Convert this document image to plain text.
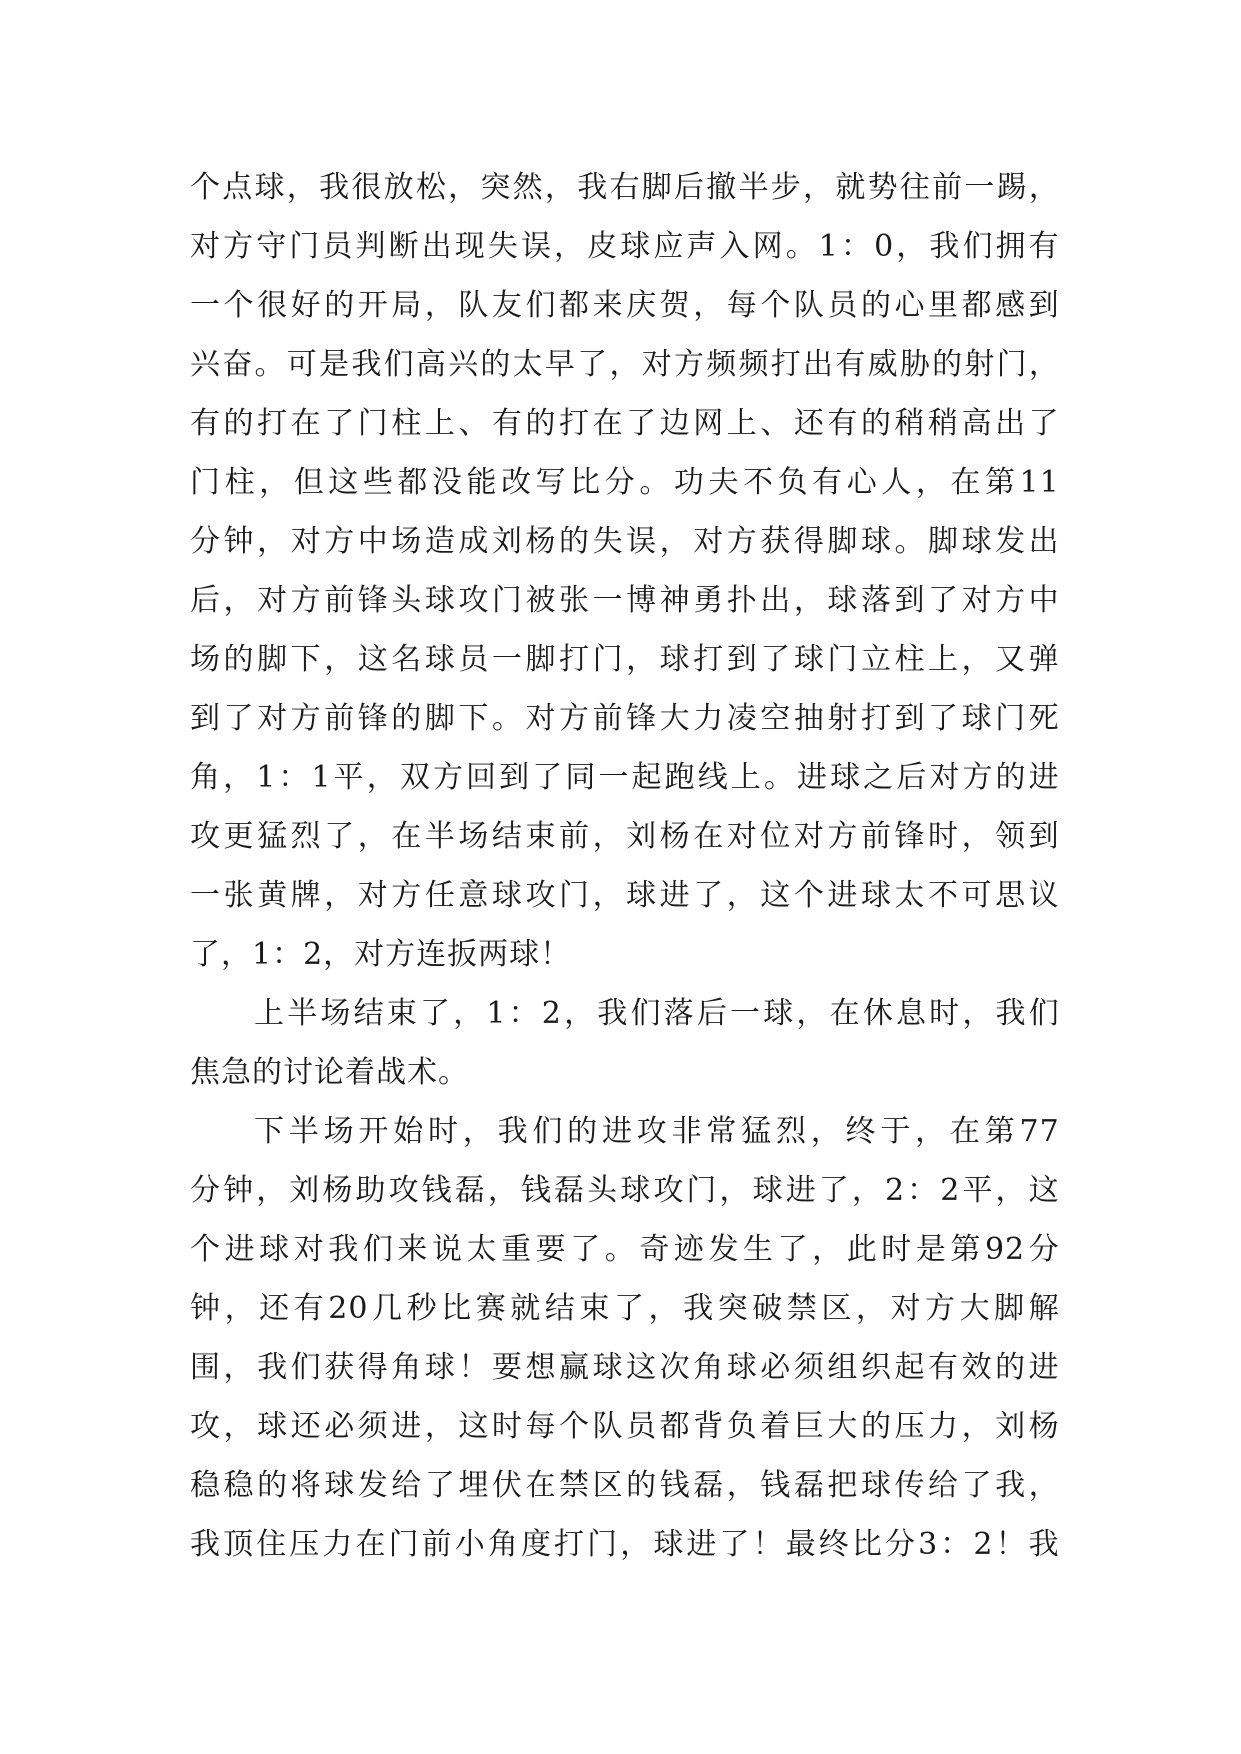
个 点 球 ， 我 很 放 松 ， 突 然 ， 我 右 脚 后 撤 半 步 ， 就 势 往 前 一 踢 ，
对 方 守 门 员 判 断 出 现 失 误 ， 皮 球 应 声 入 网 。 1 ： 0 ， 我 们 拥 有
一 个 很 好 的 开 局 ， 队 友 们 都 来 庆 贺 ， 每 个 队 员 的 心 里 都 感 到
兴 奋 。 可 是 我 们 高 兴 的 太 早 了 ， 对 方 频 频 打 出 有 威 胁 的 射 门 ，
有 的 打 在 了 门 柱 上 、 有 的 打 在 了 边 网 上 、 还 有 的 稍 稍 高 出 了
门 柱 ， 但 这 些 都 没 能 改 写 比 分 。 功 夫 不 负 有 心 人 ， 在 第 11
分 钟 ， 对 方 中 场 造 成 刘 杨 的 失 误 ， 对 方 获 得 脚 球 。 脚 球 发 出
后 ， 对 方 前 锋 头 球 攻 门 被 张 一 博 神 勇 扑 出 ， 球 落 到 了 对 方 中
场 的 脚 下 ， 这 名 球 员 一 脚 打 门 ， 球 打 到 了 球 门 立 柱 上 ， 又 弹
到 了 对 方 前 锋 的 脚 下 。 对 方 前 锋 大 力 凌 空 抽 射 打 到 了 球 门 死
角 ， 1 ： 1 平 ， 双 方 回 到 了 同 一 起 跑 线 上 。 进 球 之 后 对 方 的 进
攻 更 猛 烈 了 ， 在 半 场 结 束 前 ， 刘 杨 在 对 位 对 方 前 锋 时 ， 领 到
一 张 黄 牌 ， 对 方 任 意 球 攻 门 ， 球 进 了 ， 这 个 进 球 太 不 可 思 议
了，1：2，对方连扳两球！
上 半 场 结 束 了 ， 1 ： 2 ， 我 们 落 后 一 球 ， 在 休 息 时 ， 我 们
焦急的讨论着战术。
下 半 场 开 始 时 ， 我 们 的 进 攻 非 常 猛 烈 ， 终 于 ， 在 第 77
分 钟 ， 刘 杨 助 攻 钱 磊 ， 钱 磊 头 球 攻 门 ， 球 进 了 ， 2 ： 2 平 ， 这
个 进 球 对 我 们 来 说 太 重 要 了 。 奇 迹 发 生 了 ， 此 时 是 第 92 分
钟 ， 还 有 20 几 秒 比 赛 就 结 束 了 ， 我 突 破 禁 区 ， 对 方 大 脚 解
围 ， 我 们 获 得 角 球 ！ 要 想 赢 球 这 次 角 球 必 须 组 织 起 有 效 的 进
攻 ， 球 还 必 须 进 ， 这 时 每 个 队 员 都 背 负 着 巨 大 的 压 力 ， 刘 杨
稳 稳 的 将 球 发 给 了 埋 伏 在 禁 区 的 钱 磊 ， 钱 磊 把 球 传 给 了 我 ，
我 顶 住 压 力 在 门 前 小 角 度 打 门 ， 球 进 了 ！ 最 终 比 分 3 ： 2 ！ 我
